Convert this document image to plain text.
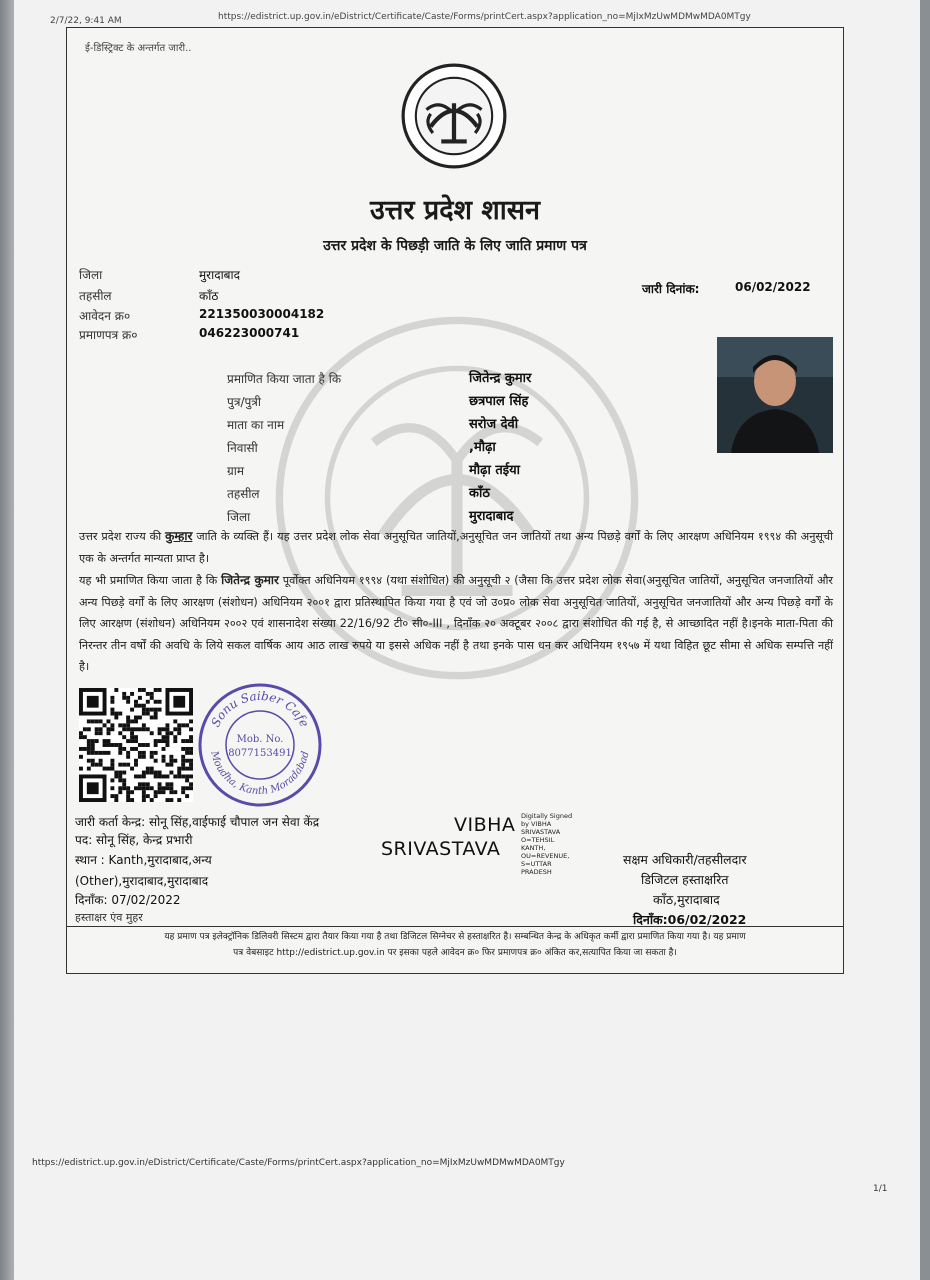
2/7/22, 9:41 AM	https://edistrict.up.gov.in/eDistrict/Certificate/Caste/Forms/printCert.aspx?application_no=MjIxMzUwMDMwMDA0MTgy
ई-डिस्ट्रिक्ट के अन्तर्गत जारी..
उत्तर प्रदेश शासन
उत्तर प्रदेश के पिछड़ी जाति के लिए जाति प्रमाण पत्र
जिला	मुरादाबाद
तहसील	काँठ
आवेदन क्र०	221350030004182
प्रमाणपत्र क्र०	046223000741
जारी दिनांक:	06/02/2022
प्रमाणित किया जाता है कि	जितेन्द्र कुमार
पुत्र/पुत्री	छत्रपाल सिंह
माता का नाम	सरोज देवी
निवासी	,मौढ़ा
ग्राम	मौढ़ा तईया
तहसील	काँठ
जिला	मुरादाबाद
उत्तर प्रदेश राज्य की कुम्हार जाति के व्यक्ति हैं। यह उत्तर प्रदेश लोक सेवा अनुसूचित जातियों,अनुसूचित जन जातियों तथा अन्य पिछड़े वर्गों के लिए आरक्षण अधिनियम १९९४ की अनुसूची एक के अन्तर्गत मान्यता प्राप्त है।
यह भी प्रमाणित किया जाता है कि जितेन्द्र कुमार पूर्वोक्त अधिनियम १९९४ (यथा संशोधित) की अनुसूची २ (जैसा कि उत्तर प्रदेश लोक सेवा(अनुसूचित जातियों, अनुसूचित जनजातियों और अन्य पिछड़े वर्गों के लिए आरक्षण (संशोधन) अधिनियम २००१ द्वारा प्रतिस्थापित किया गया है एवं जो उ०प्र० लोक सेवा अनुसूचित जातियों, अनुसूचित जनजातियों और अन्य पिछड़े वर्गों के लिए आरक्षण (संशोधन) अधिनियम २००२ एवं शासनादेश संख्या 22/16/92 टी० सी०-III , दिनाँक २० अक्टूबर २००८ द्वारा संशोधित की गई है, से आच्छादित नहीं है।इनके माता-पिता की निरन्तर तीन वर्षों की अवधि के लिये सकल वार्षिक आय आठ लाख रुपये या इससे अधिक नहीं है तथा इनके पास धन कर अधिनियम १९५७ में यथा विहित छूट सीमा से अधिक सम्पत्ति नहीं है।
Sonu Saiber Cafe
Moudha, Kanth Moradabad
Mob. No.
8077153491
जारी कर्ता केन्द्र: सोनू सिंह,वाईफाई चौपाल जन सेवा केंद्र
पद: सोनू सिंह, केन्द्र प्रभारी
स्थान : Kanth,मुरादाबाद,अन्य
(Other),मुरादाबाद,मुरादाबाद
दिनाँक: 07/02/2022
हस्ताक्षर एंव मुहर
VIBHA
SRIVASTAVA
Digitally Signed
by VIBHA
SRIVASTAVA
O=TEHSIL
KANTH,
OU=REVENUE,
S=UTTAR
PRADESH
सक्षम अधिकारी/तहसीलदार
डिजिटल हस्ताक्षरित
काँठ,मुरादाबाद
दिनाँक:06/02/2022
यह प्रमाण पत्र इलेक्ट्रॉनिक डिलिवरी सिस्टम द्वारा तैयार किया गया है तथा डिजिटल सिग्नेचर से हस्ताक्षरित है। सम्बन्धित केन्द्र के अधिकृत कर्मी द्वारा प्रमाणित किया गया है। यह प्रमाण
पत्र वेबसाइट http://edistrict.up.gov.in पर इसका पहले आवेदन क्र० फिर प्रमाणपत्र क्र० अंकित कर,सत्यापित किया जा सकता है।
https://edistrict.up.gov.in/eDistrict/Certificate/Caste/Forms/printCert.aspx?application_no=MjIxMzUwMDMwMDA0MTgy
1/1
